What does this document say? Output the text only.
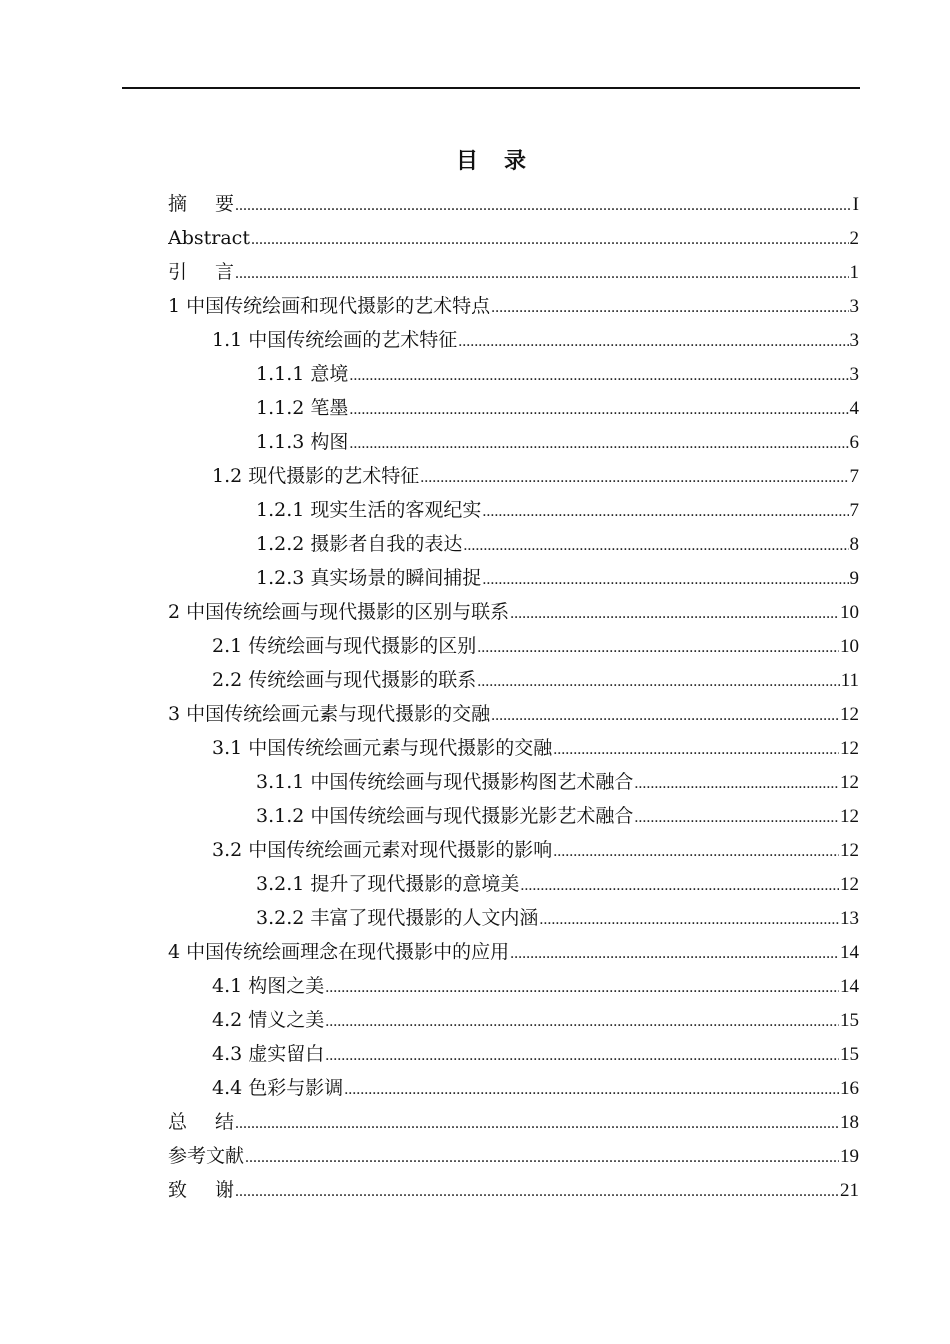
目　录
摘要 .....	I
Abstract .....	2
引言 .....	1
1 中国传统绘画和现代摄影的艺术特点 .....	3
1.1 中国传统绘画的艺术特征 .....	3
1.1.1 意境 .....	3
1.1.2 笔墨 .....	4
1.1.3 构图 .....	6
1.2 现代摄影的艺术特征 .....	7
1.2.1 现实生活的客观纪实 .....	7
1.2.2 摄影者自我的表达 .....	8
1.2.3 真实场景的瞬间捕捉 .....	9
2 中国传统绘画与现代摄影的区别与联系 .....	10
2.1 传统绘画与现代摄影的区别 .....	10
2.2 传统绘画与现代摄影的联系 .....	11
3 中国传统绘画元素与现代摄影的交融 .....	12
3.1 中国传统绘画元素与现代摄影的交融 .....	12
3.1.1 中国传统绘画与现代摄影构图艺术融合 .....	12
3.1.2 中国传统绘画与现代摄影光影艺术融合 .....	12
3.2 中国传统绘画元素对现代摄影的影响 .....	12
3.2.1 提升了现代摄影的意境美 .....	12
3.2.2 丰富了现代摄影的人文内涵 .....	13
4 中国传统绘画理念在现代摄影中的应用 .....	14
4.1 构图之美 .....	14
4.2 情义之美 .....	15
4.3 虚实留白 .....	15
4.4 色彩与影调 .....	16
总结 .....	18
参考文献 .....	19
致谢 .....	21
